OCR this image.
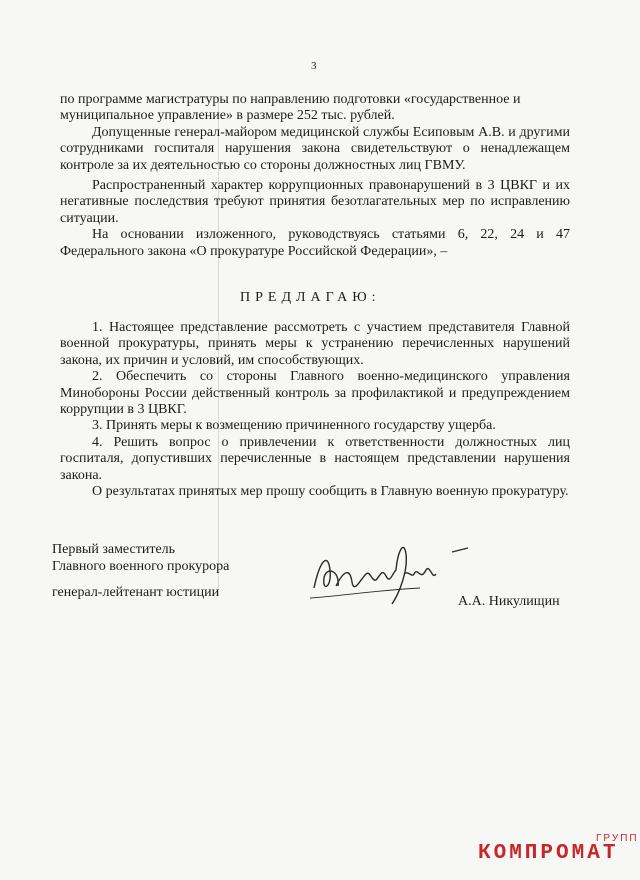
3

по программе магистратуры по направлению подготовки «государственное и муниципальное управление» в размере 252 тыс. рублей.

Допущенные генерал-майором медицинской службы Есиповым А.В. и другими сотрудниками госпиталя нарушения закона свидетельствуют о ненадлежащем контроле за их деятельностью со стороны должностных лиц ГВМУ.

Распространенный характер коррупционных правонарушений в 3 ЦВКГ и их негативные последствия требуют принятия безотлагательных мер по исправлению ситуации.

На основании изложенного, руководствуясь статьями 6, 22, 24 и 47 Федерального закона «О прокуратуре Российской Федерации», –

ПРЕДЛАГАЮ:

1. Настоящее представление рассмотреть с участием представителя Главной военной прокуратуры, принять меры к устранению перечисленных нарушений закона, их причин и условий, им способствующих.

2. Обеспечить со стороны Главного военно-медицинского управления Минобороны России действенный контроль за профилактикой и предупреждением коррупции в 3 ЦВКГ.

3. Принять меры к возмещению причиненного государству ущерба.

4. Решить вопрос о привлечении к ответственности должностных лиц госпиталя, допустивших перечисленные в настоящем представлении нарушения закона.

О результатах принятых мер прошу сообщить в Главную военную прокуратуру.

Первый заместитель
Главного военного прокурора
генерал-лейтенант юстиции
А.А. Никулищин
КОМПРОМАТ
ГРУПП
